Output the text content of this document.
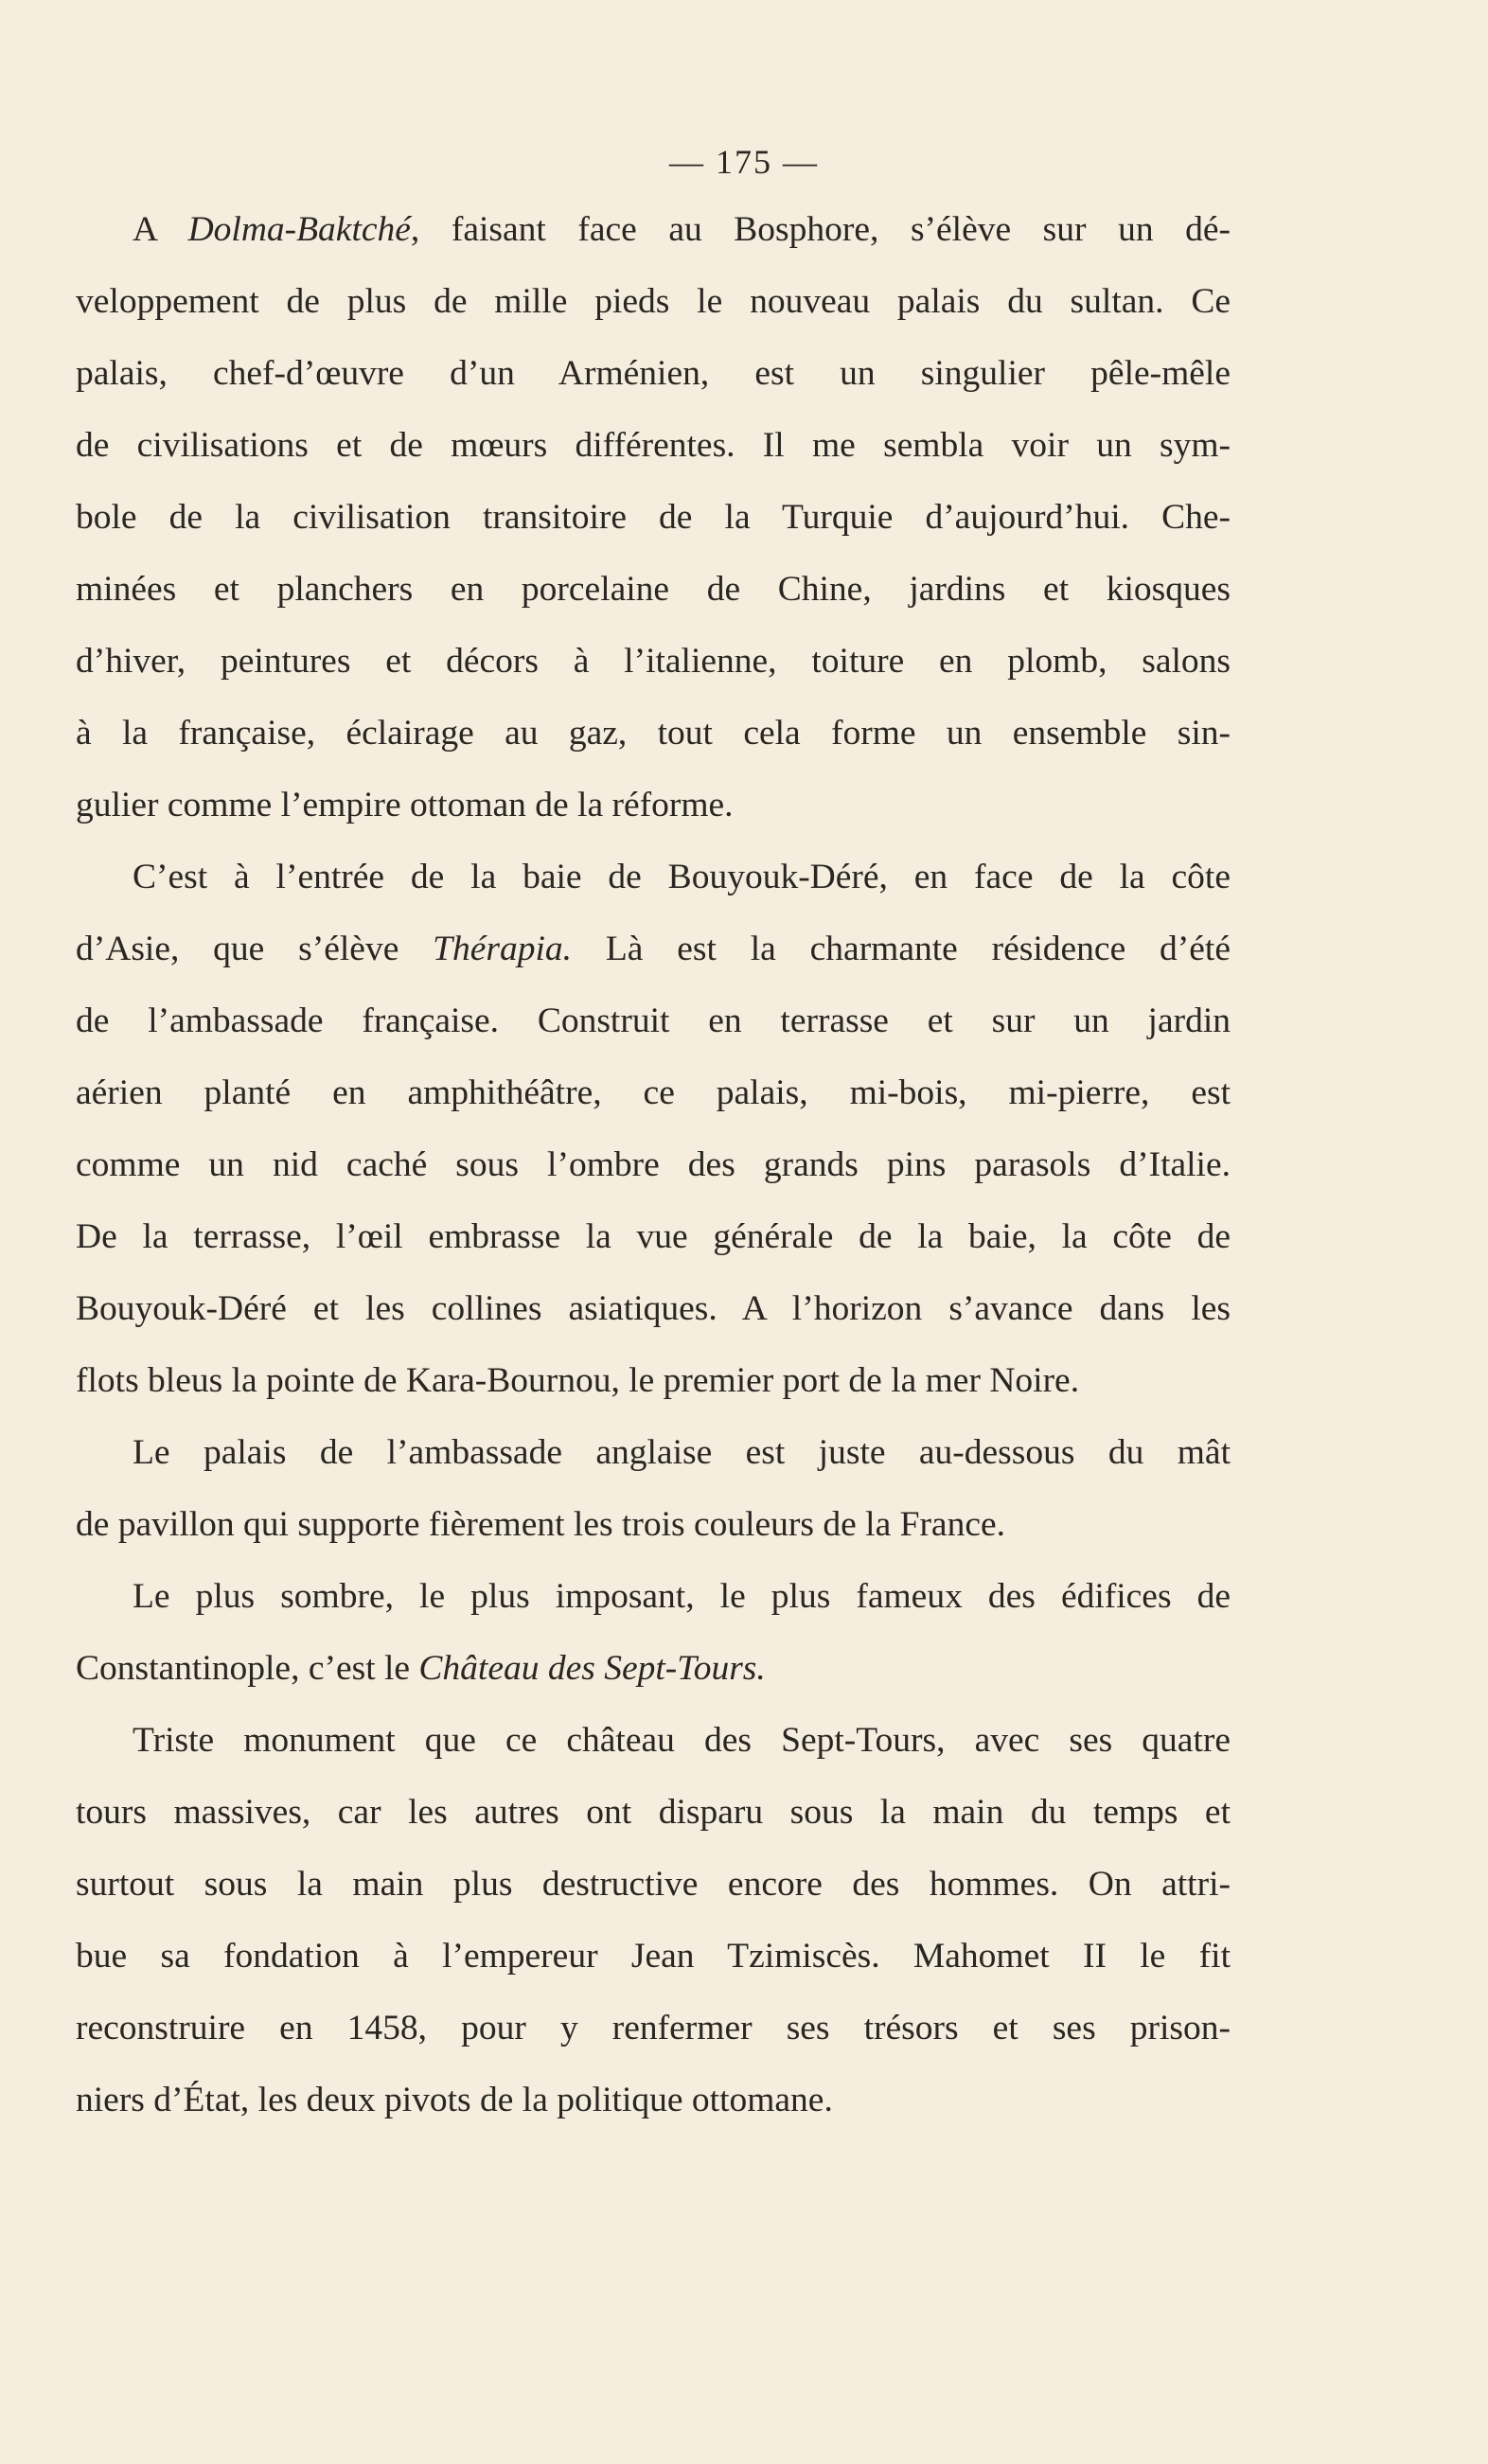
— 175 —
A Dolma-Baktché, faisant face au Bosphore, s’élève sur un dé-
veloppement de plus de mille pieds le nouveau palais du sultan. Ce
palais, chef-d’œuvre d’un Arménien, est un singulier pêle-mêle
de civilisations et de mœurs différentes. Il me sembla voir un sym-
bole de la civilisation transitoire de la Turquie d’aujourd’hui. Che-
minées et planchers en porcelaine de Chine, jardins et kiosques
d’hiver, peintures et décors à l’italienne, toiture en plomb, salons
à la française, éclairage au gaz, tout cela forme un ensemble sin-
gulier comme l’empire ottoman de la réforme.
C’est à l’entrée de la baie de Bouyouk-Déré, en face de la côte
d’Asie, que s’élève Thérapia. Là est la charmante résidence d’été
de l’ambassade française. Construit en terrasse et sur un jardin
aérien planté en amphithéâtre, ce palais, mi-bois, mi-pierre, est
comme un nid caché sous l’ombre des grands pins parasols d’Italie.
De la terrasse, l’œil embrasse la vue générale de la baie, la côte de
Bouyouk-Déré et les collines asiatiques. A l’horizon s’avance dans les
flots bleus la pointe de Kara-Bournou, le premier port de la mer Noire.
Le palais de l’ambassade anglaise est juste au-dessous du mât
de pavillon qui supporte fièrement les trois couleurs de la France.
Le plus sombre, le plus imposant, le plus fameux des édifices de
Constantinople, c’est le Château des Sept-Tours.
Triste monument que ce château des Sept-Tours, avec ses quatre
tours massives, car les autres ont disparu sous la main du temps et
surtout sous la main plus destructive encore des hommes. On attri-
bue sa fondation à l’empereur Jean Tzimiscès. Mahomet II le fit
reconstruire en 1458, pour y renfermer ses trésors et ses prison-
niers d’État, les deux pivots de la politique ottomane.
